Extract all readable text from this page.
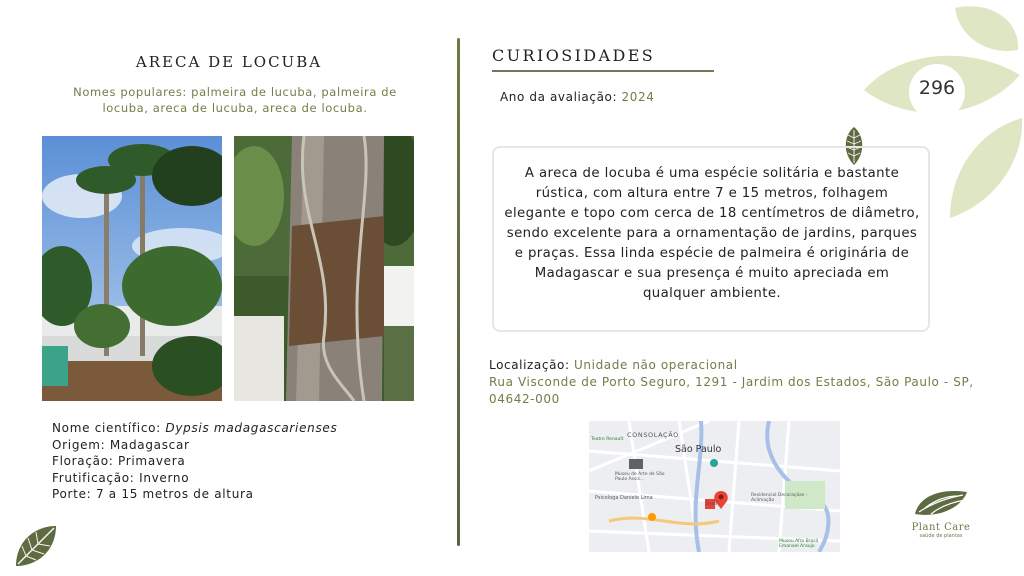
ARECA DE LOCUBA
Nomes populares: palmeira de lucuba, palmeira de locuba, areca de lucuba, areca de locuba.
Nome científico: Dypsis madagascarienses
Origem: Madagascar
Floração: Primavera
Frutificação: Inverno
Porte: 7 a 15 metros de altura
CURIOSIDADES
Ano da avaliação: 2024	296
A areca de locuba é uma espécie solitária e bastante rústica, com altura entre 7 e 15 metros, folhagem elegante e topo com cerca de 18 centímetros de diâmetro, sendo excelente para a ornamentação de jardins, parques e praças. Essa linda espécie de palmeira é originária de Madagascar e sua presença é muito apreciada em qualquer ambiente.
Localização: Unidade não operacional
Rua Visconde de Porto Seguro, 1291 - Jardim dos Estados, São Paulo - SP, 04642-000
CONSOLAÇÃO
São Paulo
Museu de Arte de São Paulo Assis...
Psicologa Daniele Lima
Shell
Residencial Decorações - Aclimação
Teatro Renault
Museu Afro Brasil Emanoel Araujo
Plant Care
saúde de plantas
